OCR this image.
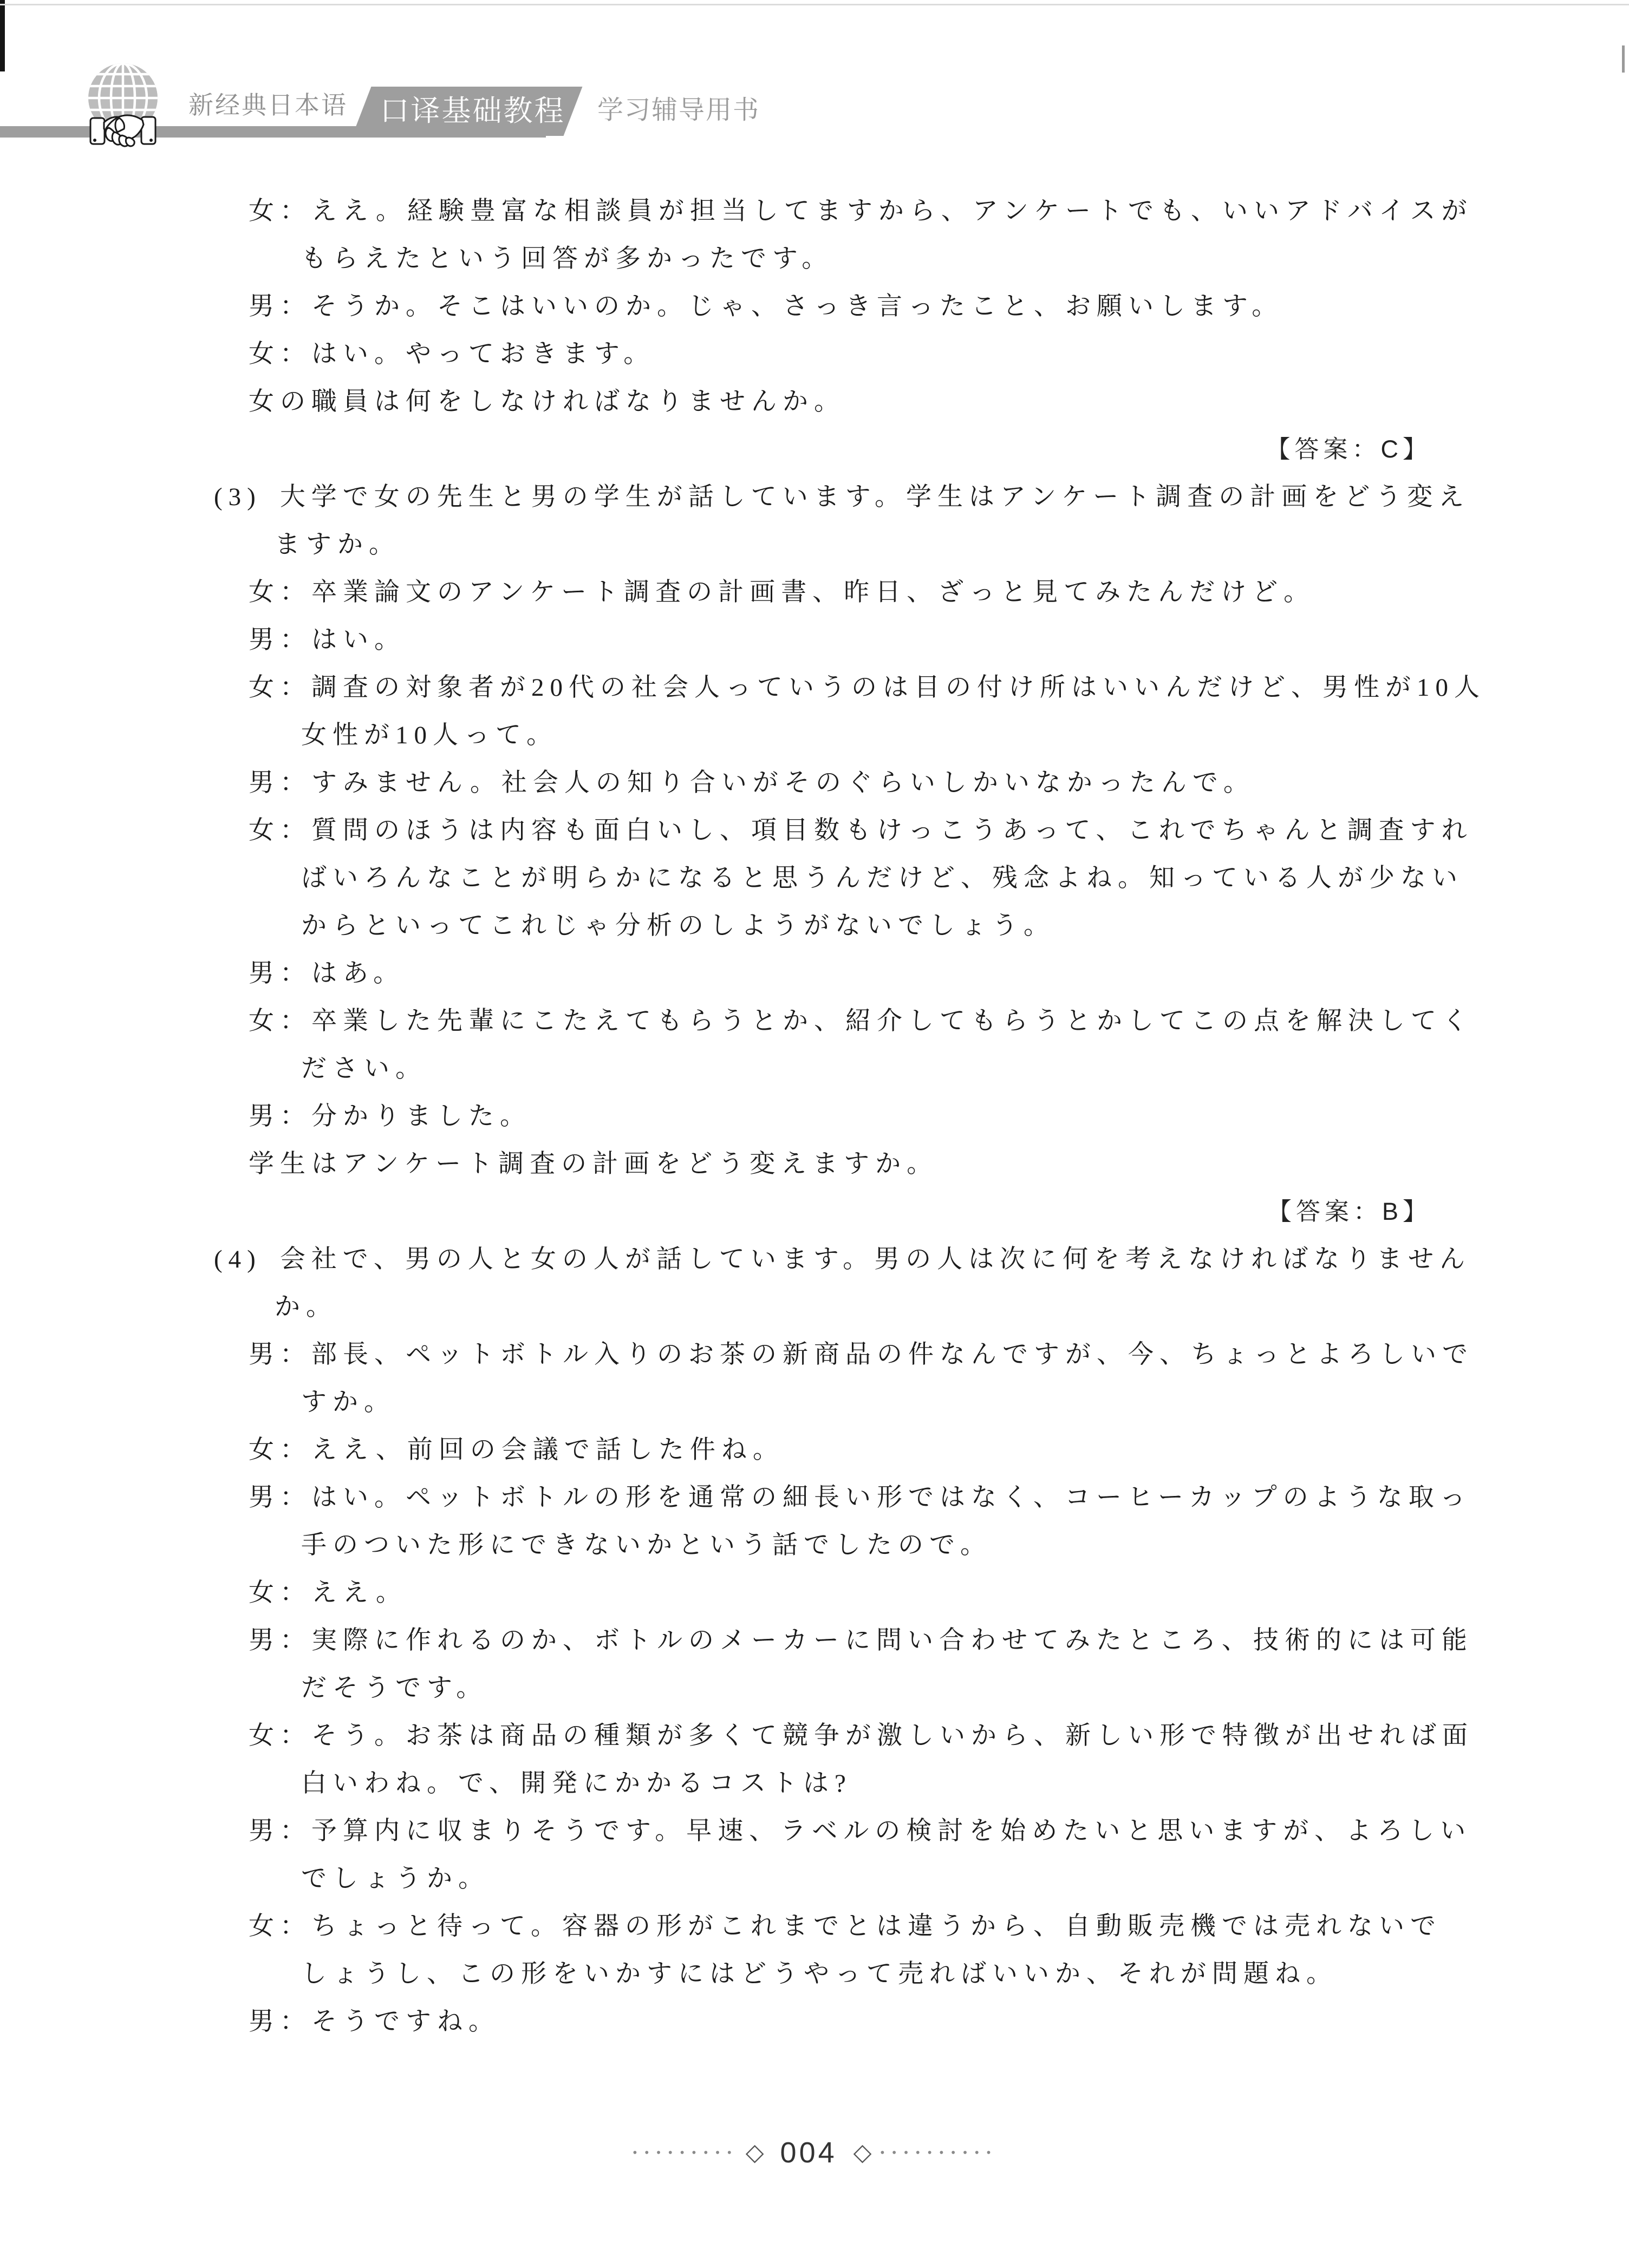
新经典日本语 口译基础教程 学习辅导用书
女：ええ。経験豊富な相談員が担当してますから、アンケートでも、いいアドバイスが
もらえたという回答が多かったです。
男：そうか。そこはいいのか。じゃ、さっき言ったこと、お願いします。
女：はい。やっておきます。
女の職員は何をしなければなりませんか。
【答案：C】
(3) 大学で女の先生と男の学生が話しています。学生はアンケート調査の計画をどう変え
ますか。
女：卒業論文のアンケート調査の計画書、昨日、ざっと見てみたんだけど。
男：はい。
女：調査の対象者が20代の社会人っていうのは目の付け所はいいんだけど、男性が10人
女性が10人って。
男：すみません。社会人の知り合いがそのぐらいしかいなかったんで。
女：質問のほうは内容も面白いし、項目数もけっこうあって、これでちゃんと調査すれ
ばいろんなことが明らかになると思うんだけど、残念よね。知っている人が少ない
からといってこれじゃ分析のしようがないでしょう。
男：はあ。
女：卒業した先輩にこたえてもらうとか、紹介してもらうとかしてこの点を解決してく
ださい。
男：分かりました。
学生はアンケート調査の計画をどう変えますか。
【答案：B】
(4) 会社で、男の人と女の人が話しています。男の人は次に何を考えなければなりません
か。
男：部長、ペットボトル入りのお茶の新商品の件なんですが、今、ちょっとよろしいで
すか。
女：ええ、前回の会議で話した件ね。
男：はい。ペットボトルの形を通常の細長い形ではなく、コーヒーカップのような取っ
手のついた形にできないかという話でしたので。
女：ええ。
男：実際に作れるのか、ボトルのメーカーに問い合わせてみたところ、技術的には可能
だそうです。
女：そう。お茶は商品の種類が多くて競争が激しいから、新しい形で特徴が出せれば面
白いわね。で、開発にかかるコストは?
男：予算内に収まりそうです。早速、ラベルの検討を始めたいと思いますが、よろしい
でしょうか。
女：ちょっと待って。容器の形がこれまでとは違うから、自動販売機では売れないで
しょうし、この形をいかすにはどうやって売ればいいか、それが問題ね。
男：そうですね。
••••••••• ◇ 004 ◇ ••••••••••
